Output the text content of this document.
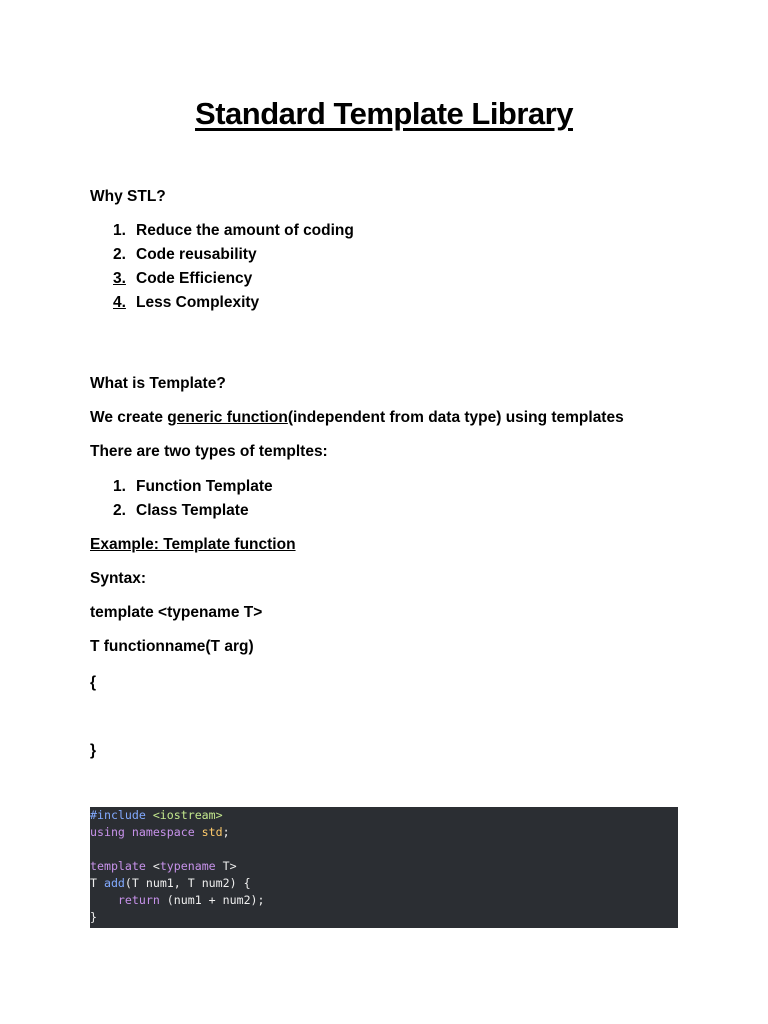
Standard Template Library
Why STL?
1. Reduce the amount of coding
2. Code reusability
3. Code Efficiency
4. Less Complexity
What is Template?
We create generic function(independent from data type) using templates
There are two types of templtes:
1. Function Template
2. Class Template
Example: Template function
Syntax:
template <typename T>
T functionname(T arg)
{
}
#include <iostream>
using namespace std;

template <typename T>
T add(T num1, T num2) {
return (num1 + num2);
}
